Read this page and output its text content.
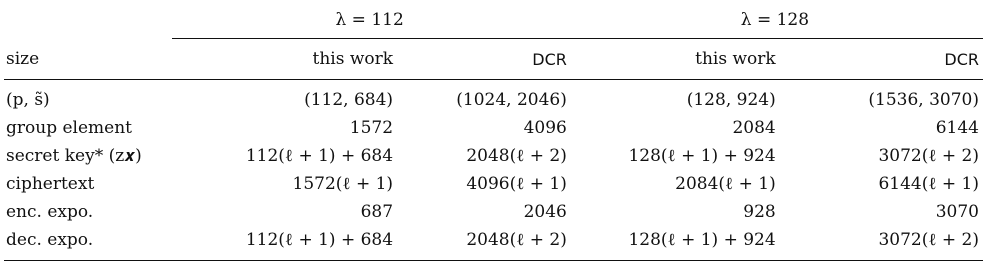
	λ = 112		λ = 128	

size	this work	DCR	this work	DCR

(p, s̃)	(112, 684)	(1024, 2046)	(128, 924)	(1536, 3070)
group element	1572	4096	2084	6144
secret key* (z𝒙)	112(ℓ + 1) + 684	2048(ℓ + 2)	128(ℓ + 1) + 924	3072(ℓ + 2)
ciphertext	1572(ℓ + 1)	4096(ℓ + 1)	2084(ℓ + 1)	6144(ℓ + 1)
enc. expo.	687	2046	928	3070
dec. expo.	112(ℓ + 1) + 684	2048(ℓ + 2)	128(ℓ + 1) + 924	3072(ℓ + 2)
